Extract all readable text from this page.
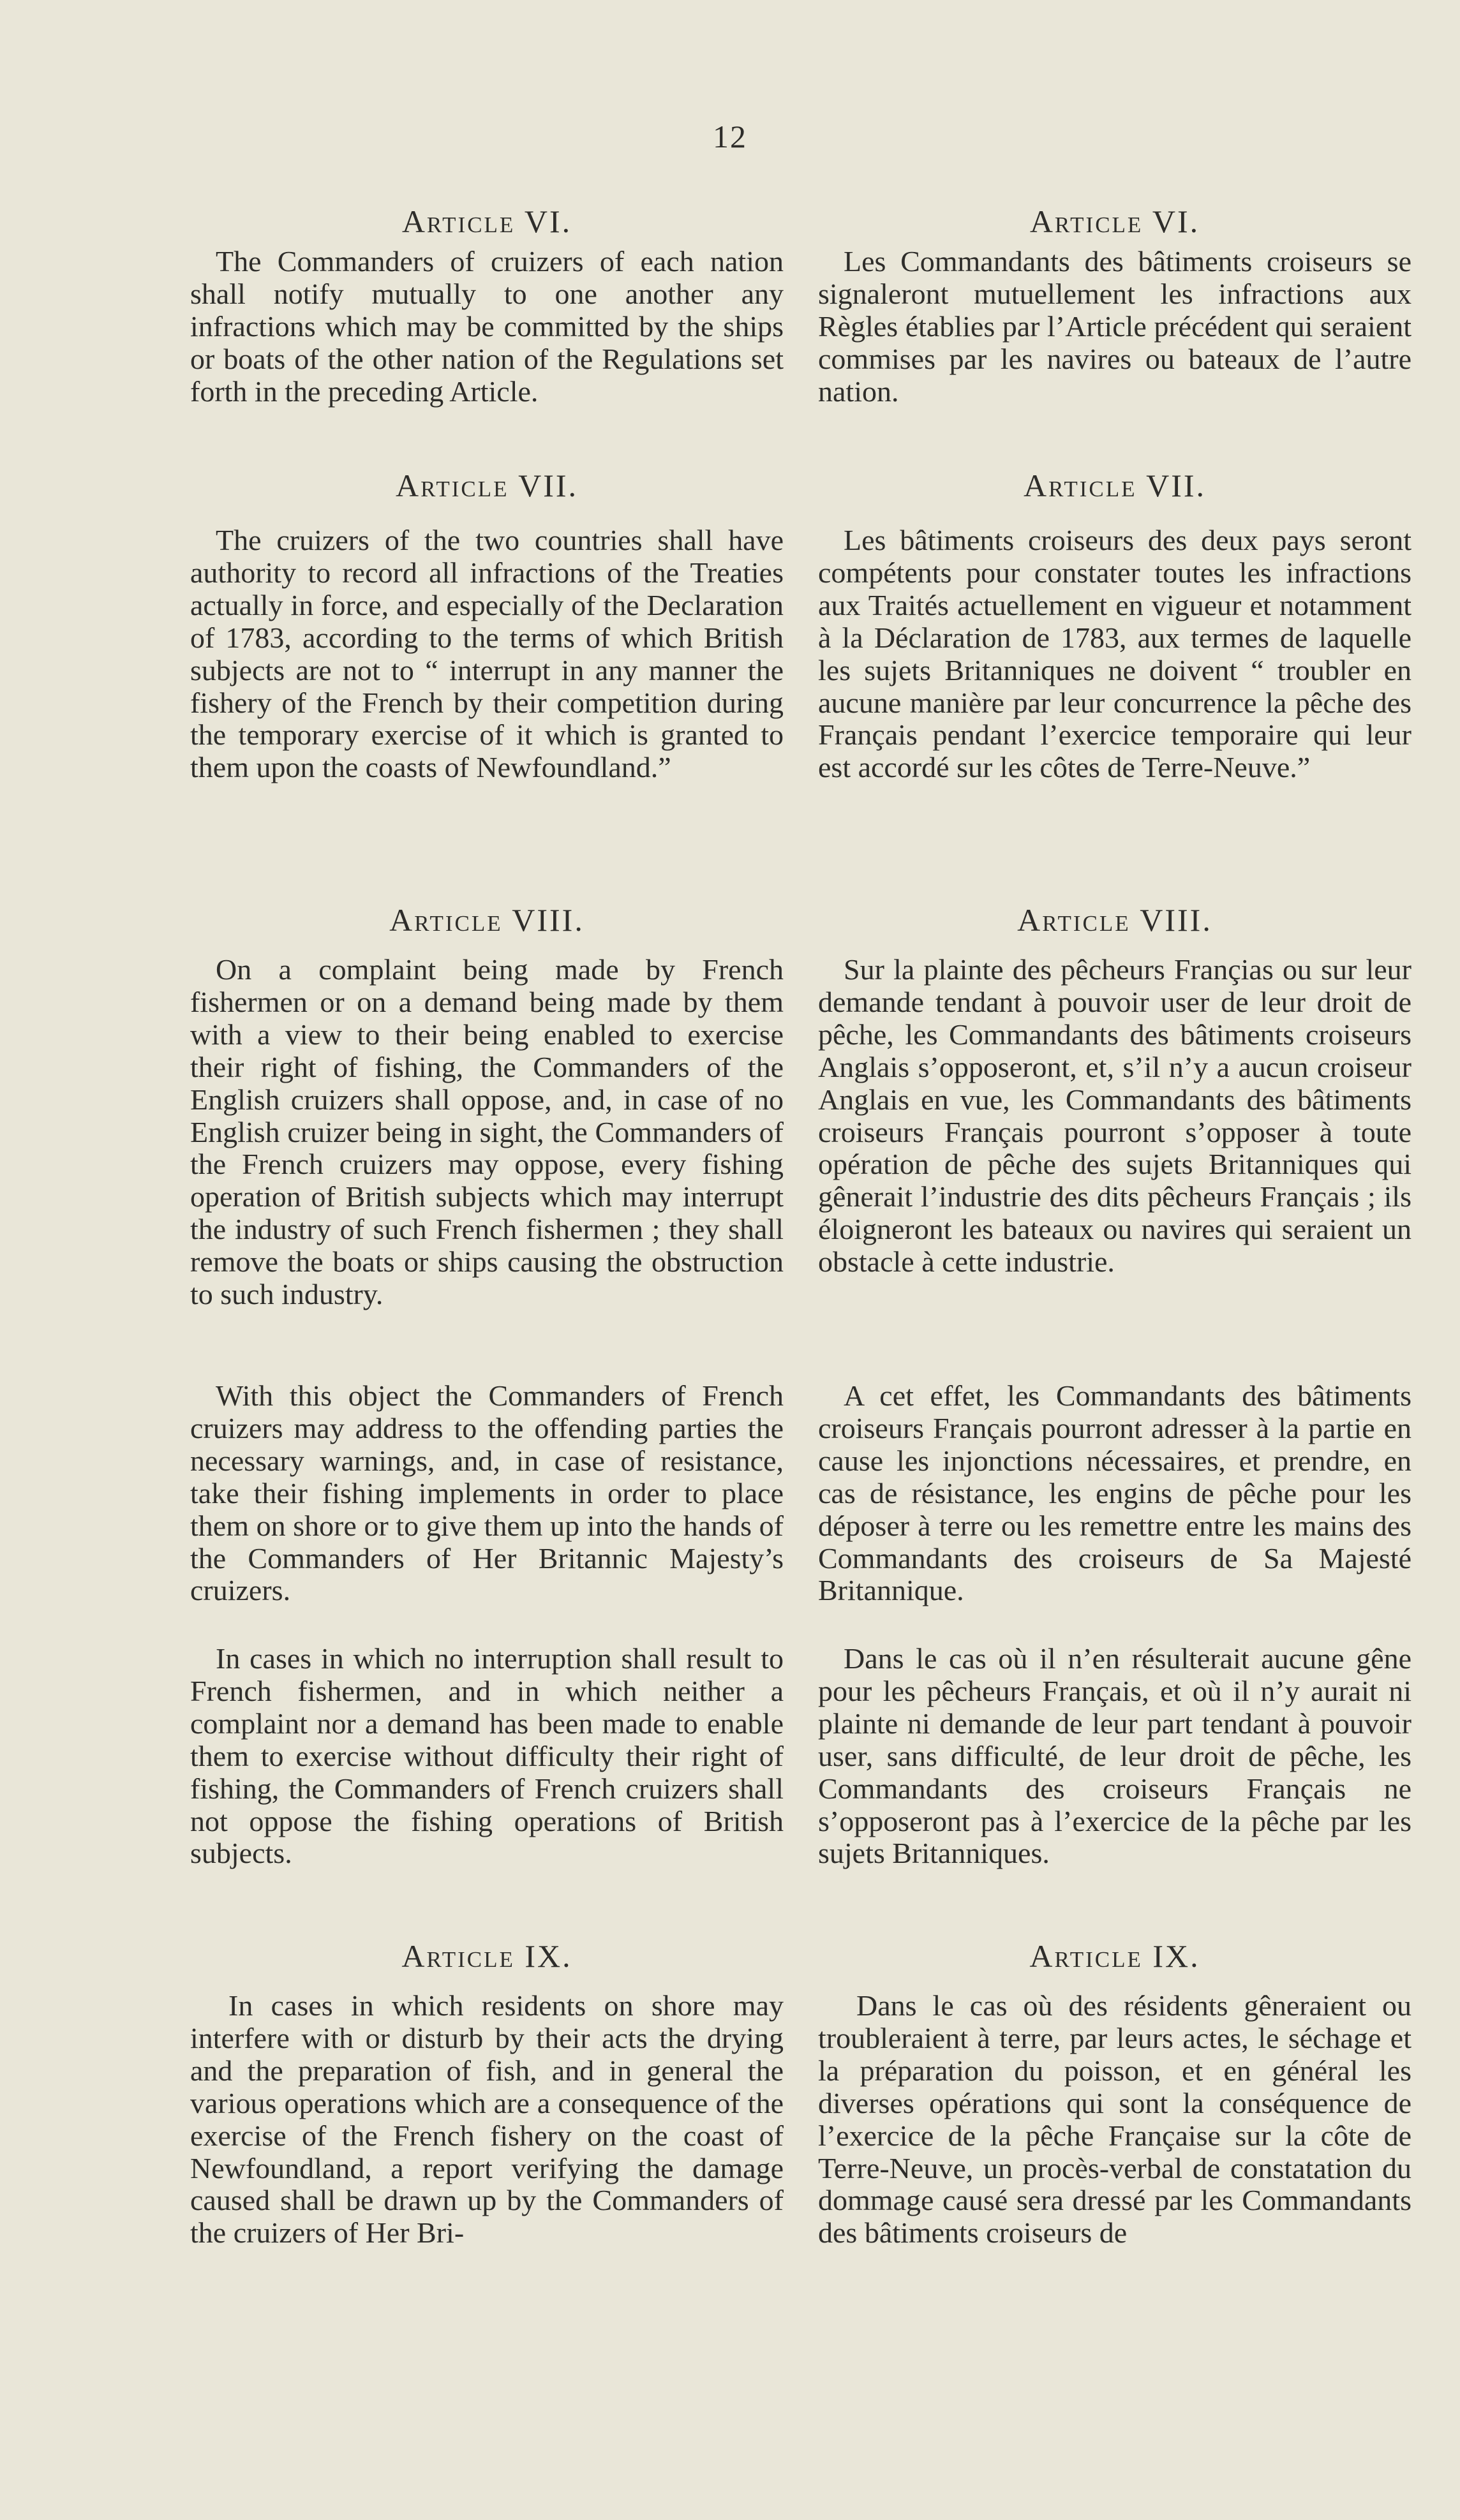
12
Article VI.

The Commanders of cruizers of each nation shall notify mutually to one another any infractions which may be committed by the ships or boats of the other nation of the Regulations set forth in the preceding Article.

Article VII.

The cruizers of the two countries shall have authority to record all infractions of the Treaties actually in force, and especially of the Declaration of 1783, according to the terms of which British subjects are not to “ interrupt in any manner the fishery of the French by their competition during the temporary exercise of it which is granted to them upon the coasts of Newfoundland.”

Article VIII.

On a complaint being made by French fishermen or on a demand being made by them with a view to their being enabled to exercise their right of fishing, the Commanders of the English cruizers shall oppose, and, in case of no English cruizer being in sight, the Commanders of the French cruizers may oppose, every fishing operation of British subjects which may interrupt the industry of such French fishermen ; they shall remove the boats or ships causing the obstruction to such industry.

With this object the Commanders of French cruizers may address to the offending parties the necessary warnings, and, in case of resistance, take their fishing implements in order to place them on shore or to give them up into the hands of the Commanders of Her Britannic Majesty’s cruizers.

In cases in which no interruption shall result to French fishermen, and in which neither a complaint nor a demand has been made to enable them to exercise without difficulty their right of fishing, the Commanders of French cruizers shall not oppose the fishing operations of British subjects.

Article IX.

In cases in which residents on shore may interfere with or disturb by their acts the drying and the preparation of fish, and in general the various operations which are a consequence of the exercise of the French fishery on the coast of Newfoundland, a report verifying the damage caused shall be drawn up by the Commanders of the cruizers of Her Bri-

Article VI.

Les Commandants des bâtiments croiseurs se signaleront mutuellement les infractions aux Règles établies par l’Article précédent qui seraient commises par les navires ou bateaux de l’autre nation.

Article VII.

Les bâtiments croiseurs des deux pays seront compétents pour constater toutes les infractions aux Traités actuellement en vigueur et notamment à la Déclaration de 1783, aux termes de laquelle les sujets Britanniques ne doivent “ troubler en aucune manière par leur concurrence la pêche des Français pendant l’exercice temporaire qui leur est accordé sur les côtes de Terre-Neuve.”

Article VIII.

Sur la plainte des pêcheurs Françias ou sur leur demande tendant à pouvoir user de leur droit de pêche, les Commandants des bâtiments croiseurs Anglais s’opposeront, et, s’il n’y a aucun croiseur Anglais en vue, les Commandants des bâtiments croiseurs Français pourront s’opposer à toute opération de pêche des sujets Britanniques qui gênerait l’industrie des dits pêcheurs Français ; ils éloigneront les bateaux ou navires qui seraient un obstacle à cette industrie.

A cet effet, les Commandants des bâtiments croiseurs Français pourront adresser à la partie en cause les injonctions nécessaires, et prendre, en cas de résistance, les engins de pêche pour les déposer à terre ou les remettre entre les mains des Commandants des croiseurs de Sa Majesté Britannique.

Dans le cas où il n’en résulterait aucune gêne pour les pêcheurs Français, et où il n’y aurait ni plainte ni demande de leur part tendant à pouvoir user, sans difficulté, de leur droit de pêche, les Commandants des croiseurs Français ne s’opposeront pas à l’exercice de la pêche par les sujets Britanniques.

Article IX.

Dans le cas où des résidents gêneraient ou troubleraient à terre, par leurs actes, le séchage et la préparation du poisson, et en général les diverses opérations qui sont la conséquence de l’exercice de la pêche Française sur la côte de Terre-Neuve, un procès-verbal de constatation du dommage causé sera dressé par les Commandants des bâtiments croiseurs de
